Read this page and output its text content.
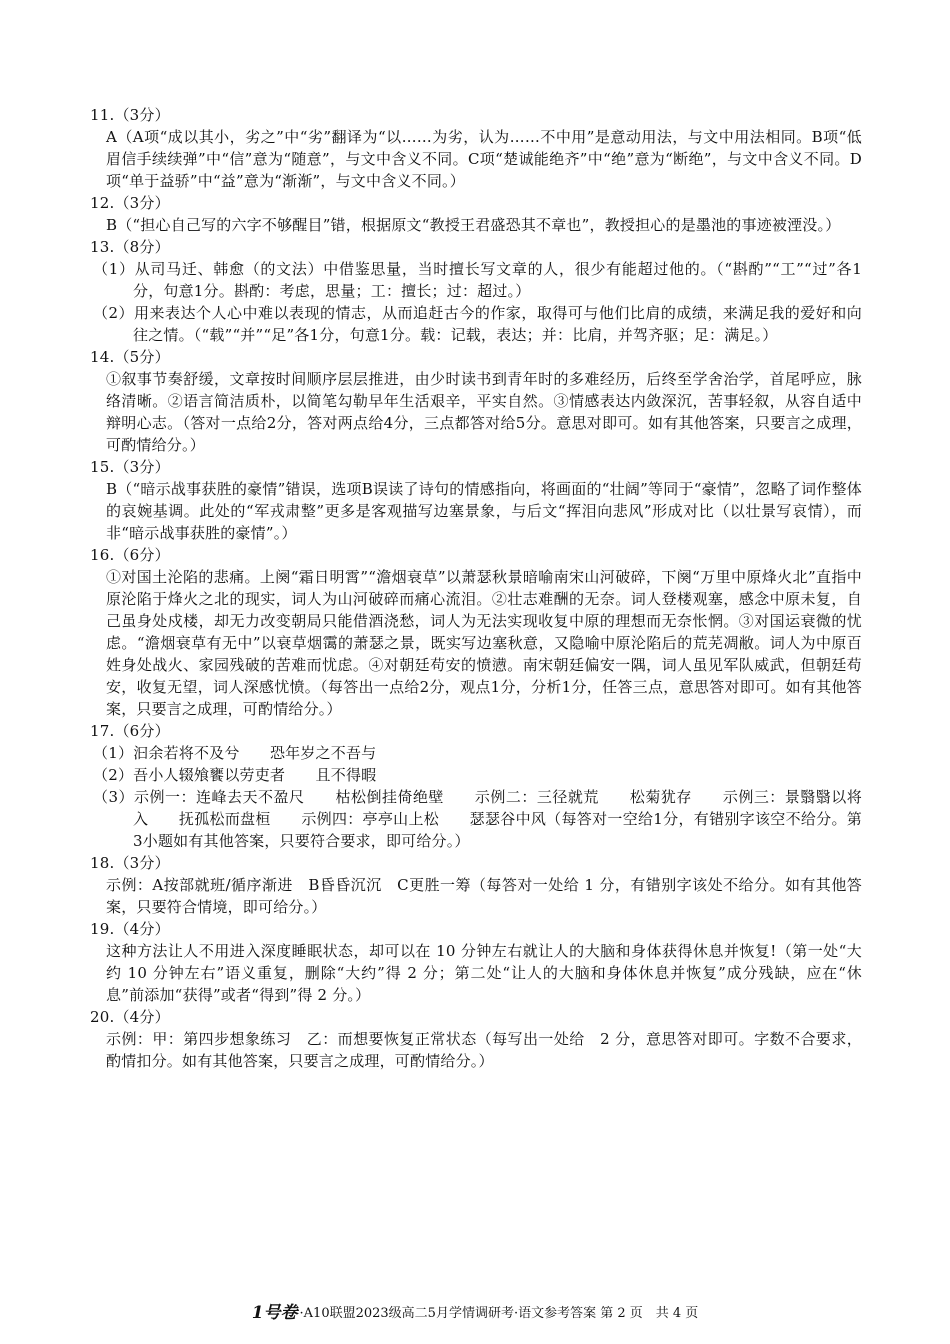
11.（3分）

A（A项“成以其小，劣之”中“劣”翻译为“以……为劣，认为……不中用”是意动用法，与文中用法相同。B项“低眉信手续续弹”中“信”意为“随意”，与文中含义不同。C项“楚诚能绝齐”中“绝”意为“断绝”，与文中含义不同。D项“单于益骄”中“益”意为“渐渐”，与文中含义不同。）

12.（3分）

B（“担心自己写的六字不够醒目”错，根据原文“教授王君盛恐其不章也”，教授担心的是墨池的事迹被湮没。）

13.（8分）

（1）从司马迁、韩愈（的文法）中借鉴思量，当时擅长写文章的人，很少有能超过他的。（“斟酌”“工”“过”各1分，句意1分。斟酌：考虑，思量；工：擅长；过：超过。）

（2）用来表达个人心中难以表现的情志，从而追赶古今的作家，取得可与他们比肩的成绩，来满足我的爱好和向往之情。（“载”“并”“足”各1分，句意1分。载：记载，表达；并：比肩，并驾齐驱；足：满足。）

14.（5分）

①叙事节奏舒缓，文章按时间顺序层层推进，由少时读书到青年时的多难经历，后终至学舍治学，首尾呼应，脉络清晰。②语言简洁质朴，以简笔勾勒早年生活艰辛，平实自然。③情感表达内敛深沉，苦事轻叙，从容自适中辩明心志。（答对一点给2分，答对两点给4分，三点都答对给5分。意思对即可。如有其他答案，只要言之成理，可酌情给分。）

15.（3分）

B（“暗示战事获胜的豪情”错误，选项B误读了诗句的情感指向，将画面的“壮阔”等同于“豪情”，忽略了词作整体的哀婉基调。此处的“军戎肃整”更多是客观描写边塞景象，与后文“挥泪向悲风”形成对比（以壮景写哀情），而非“暗示战事获胜的豪情”。）

16.（6分）

①对国土沦陷的悲痛。上阕“霜日明霄”“澹烟衰草”以萧瑟秋景暗喻南宋山河破碎，下阕“万里中原烽火北”直指中原沦陷于烽火之北的现实，词人为山河破碎而痛心流泪。②壮志难酬的无奈。词人登楼观塞，感念中原未复，自己虽身处戍楼，却无力改变朝局只能借酒浇愁，词人为无法实现收复中原的理想而无奈怅惘。③对国运衰微的忧虑。“澹烟衰草有无中”以衰草烟霭的萧瑟之景，既实写边塞秋意，又隐喻中原沦陷后的荒芜凋敝。词人为中原百姓身处战火、家园残破的苦难而忧虑。④对朝廷苟安的愤懑。南宋朝廷偏安一隅，词人虽见军队威武，但朝廷苟安，收复无望，词人深感忧愤。（每答出一点给2分，观点1分，分析1分，任答三点，意思答对即可。如有其他答案，只要言之成理，可酌情给分。）

17.（6分）

（1）汩余若将不及兮　　恐年岁之不吾与

（2）吾小人辍飧饔以劳吏者　　且不得暇

（3）示例一：连峰去天不盈尺　　枯松倒挂倚绝壁　　示例二：三径就荒　　松菊犹存　　示例三：景翳翳以将入　　抚孤松而盘桓　　示例四：亭亭山上松　　瑟瑟谷中风（每答对一空给1分，有错别字该空不给分。第3小题如有其他答案，只要符合要求，即可给分。）

18.（3分）

示例：A按部就班/循序渐进　B昏昏沉沉　C更胜一筹（每答对一处给 1 分，有错别字该处不给分。如有其他答案，只要符合情境，即可给分。）

19.（4分）

这种方法让人不用进入深度睡眠状态，却可以在 10 分钟左右就让人的大脑和身体获得休息并恢复!（第一处“大约 10 分钟左右”语义重复，删除“大约”得 2 分；第二处“让人的大脑和身体休息并恢复”成分残缺，应在“休息”前添加“获得”或者“得到”得 2 分。）

20.（4分）

示例：甲：第四步想象练习　乙：而想要恢复正常状态（每写出一处给　2 分，意思答对即可。字数不合要求，酌情扣分。如有其他答案，只要言之成理，可酌情给分。）

1号卷 ·A10联盟2023级高二5月学情调研考·语文参考答案 第 2 页　共 4 页
